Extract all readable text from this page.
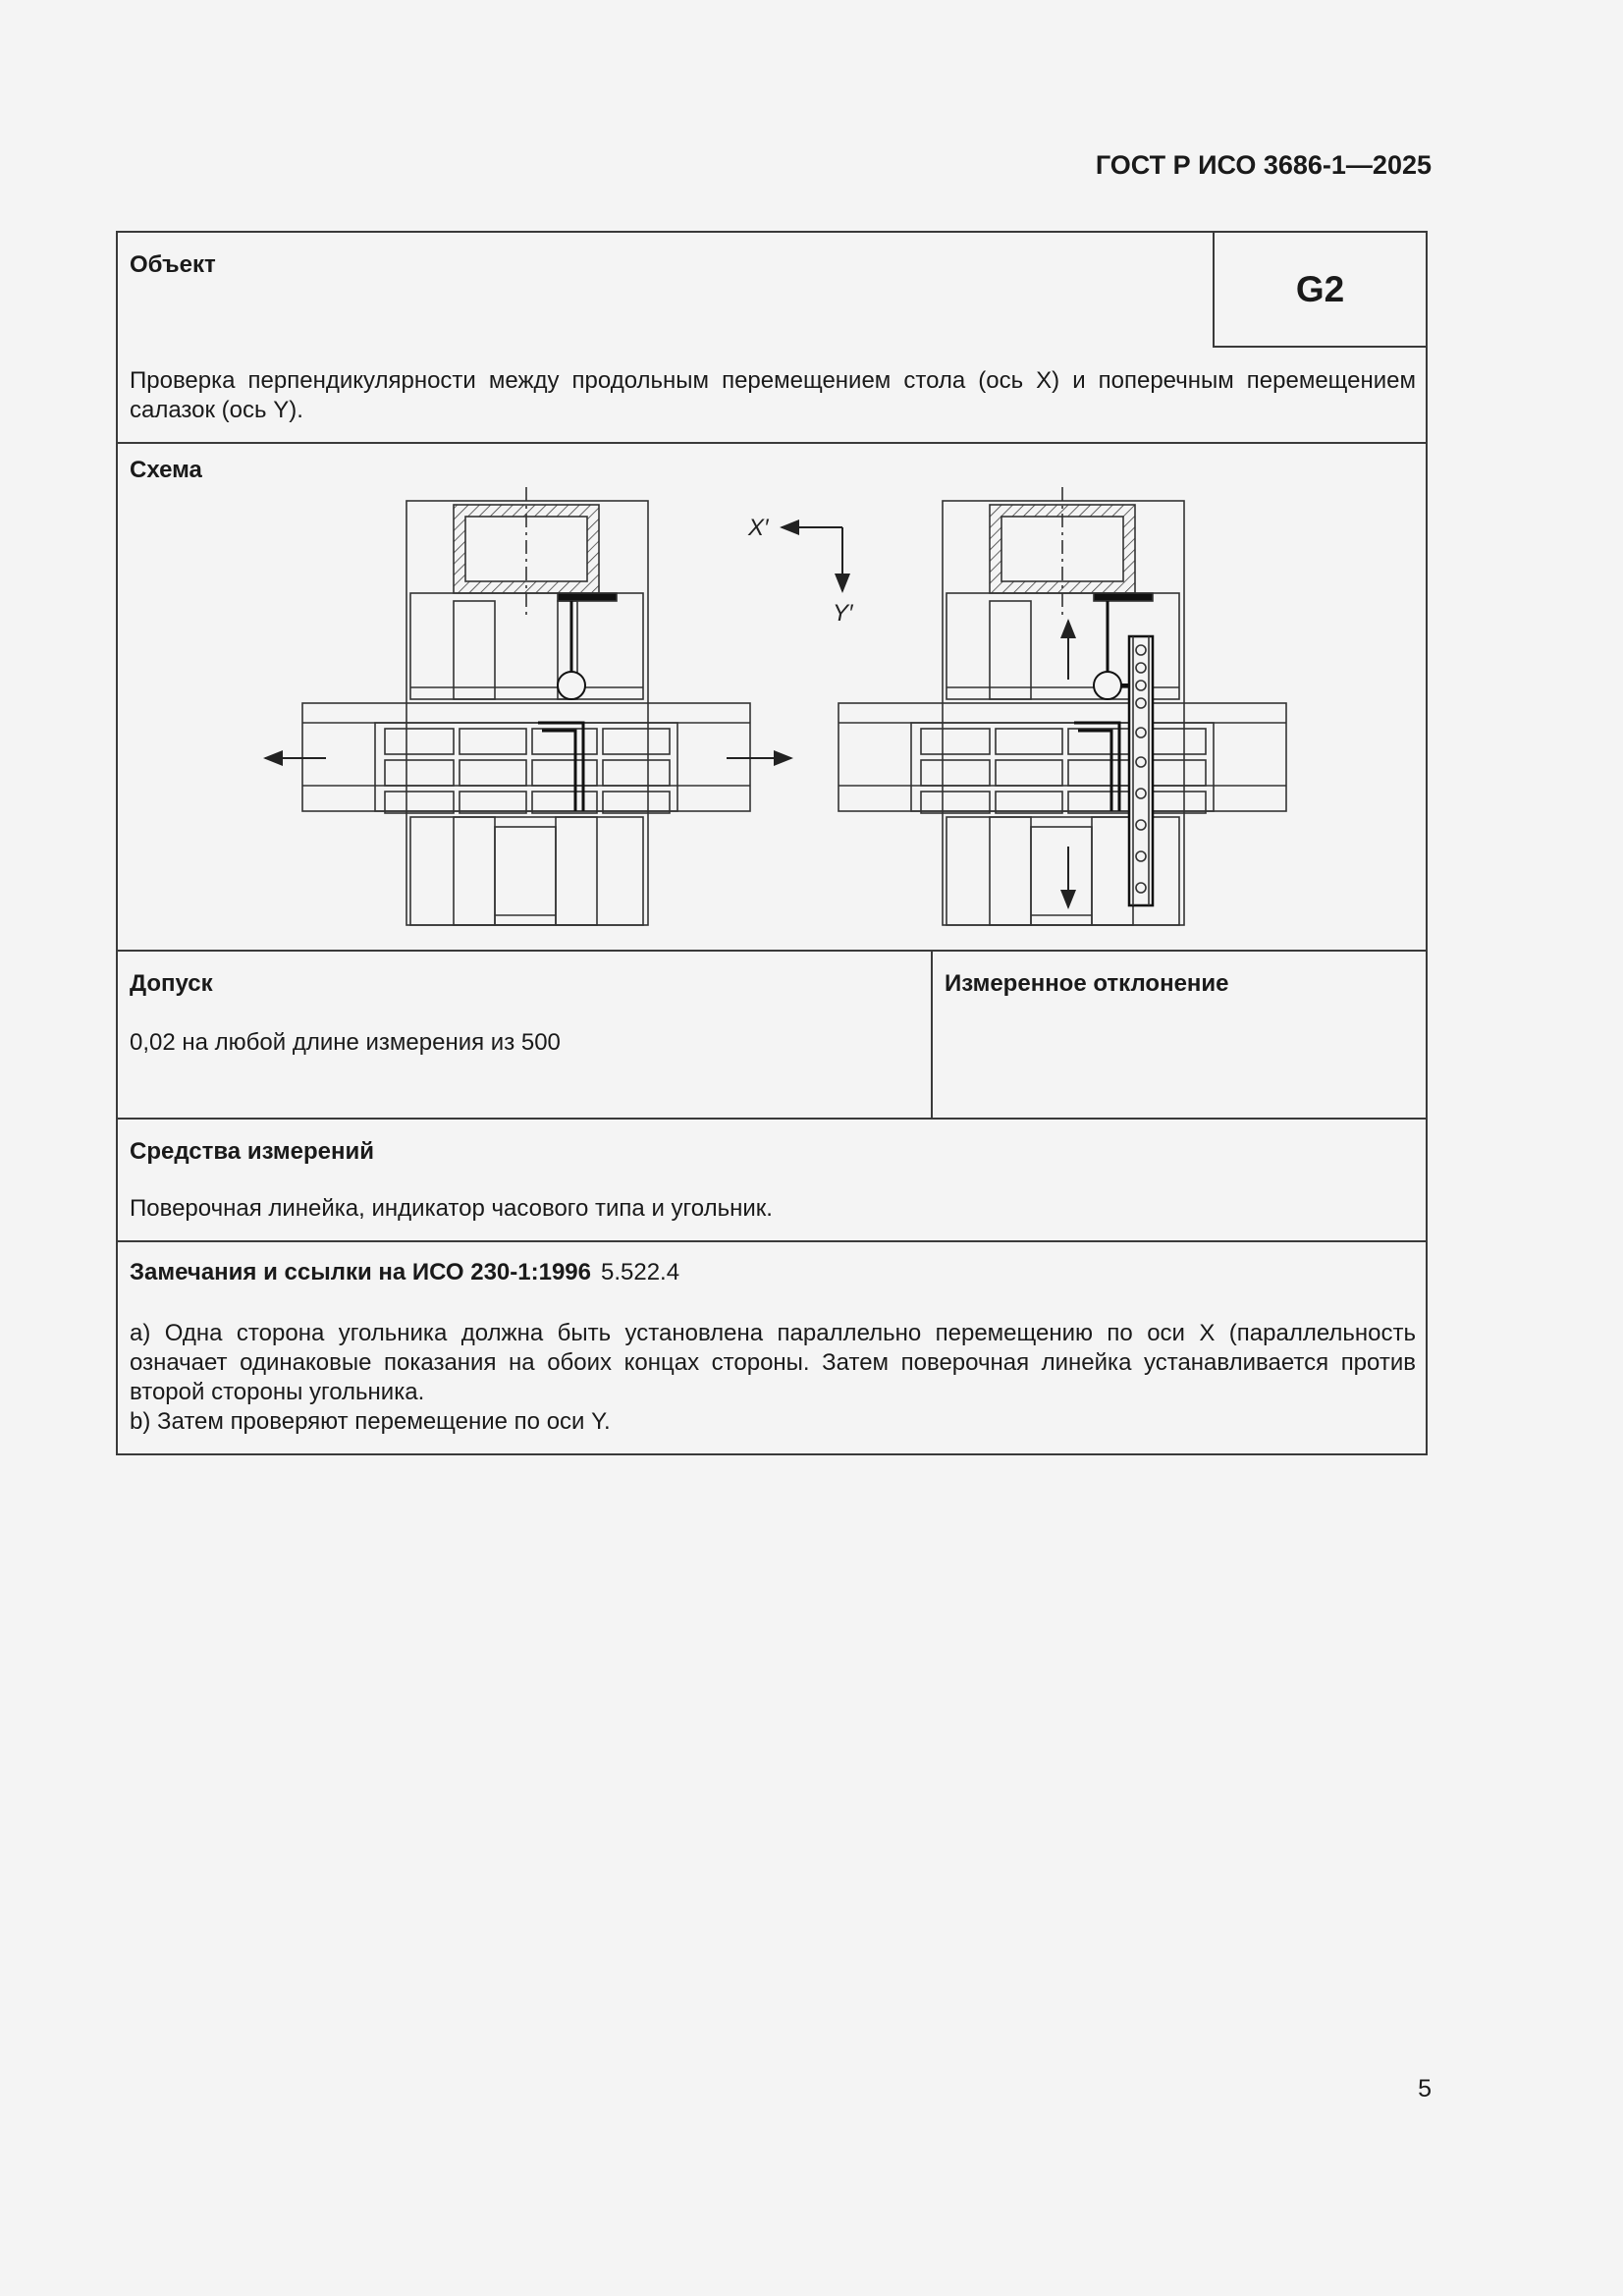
ГОСТ Р ИСО 3686-1—2025
Объект
G2
Проверка перпендикулярности между продольным перемещением стола (ось X) и поперечным перемещением салазок (ось Y).
Схема
X′
Y′
Допуск
0,02 на любой длине измерения из 500
Измеренное отклонение
Средства измерений
Поверочная линейка, индикатор часового типа и угольник.
Замечания и ссылки на ИСО 230-1:1996 5.522.4
a) Одна сторона угольника должна быть установлена параллельно перемещению по оси X (параллельность означает одинаковые показания на обоих концах стороны. Затем поверочная линейка устанавливается против второй стороны угольника.
b) Затем проверяют перемещение по оси Y.
5
